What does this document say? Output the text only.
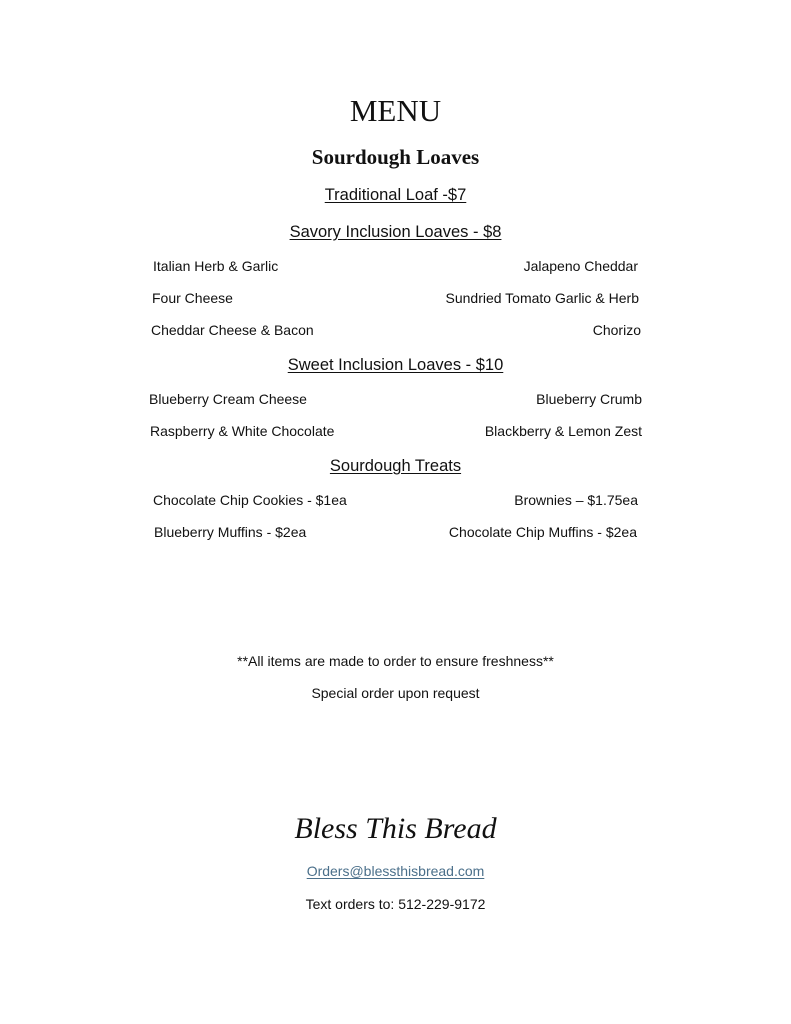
MENU
Sourdough Loaves
Traditional Loaf -$7
Savory Inclusion Loaves - $8
Italian Herb & Garlic	Jalapeno Cheddar
Four Cheese	Sundried Tomato Garlic & Herb
Cheddar Cheese & Bacon	Chorizo
Sweet Inclusion Loaves - $10
Blueberry Cream Cheese	Blueberry Crumb
Raspberry & White Chocolate	Blackberry & Lemon Zest
Sourdough Treats
Chocolate Chip Cookies - $1ea	Brownies – $1.75ea
Blueberry Muffins - $2ea	Chocolate Chip Muffins - $2ea
**All items are made to order to ensure freshness**
Special order upon request
Bless This Bread
Orders@blessthisbread.com
Text orders to: 512-229-9172
